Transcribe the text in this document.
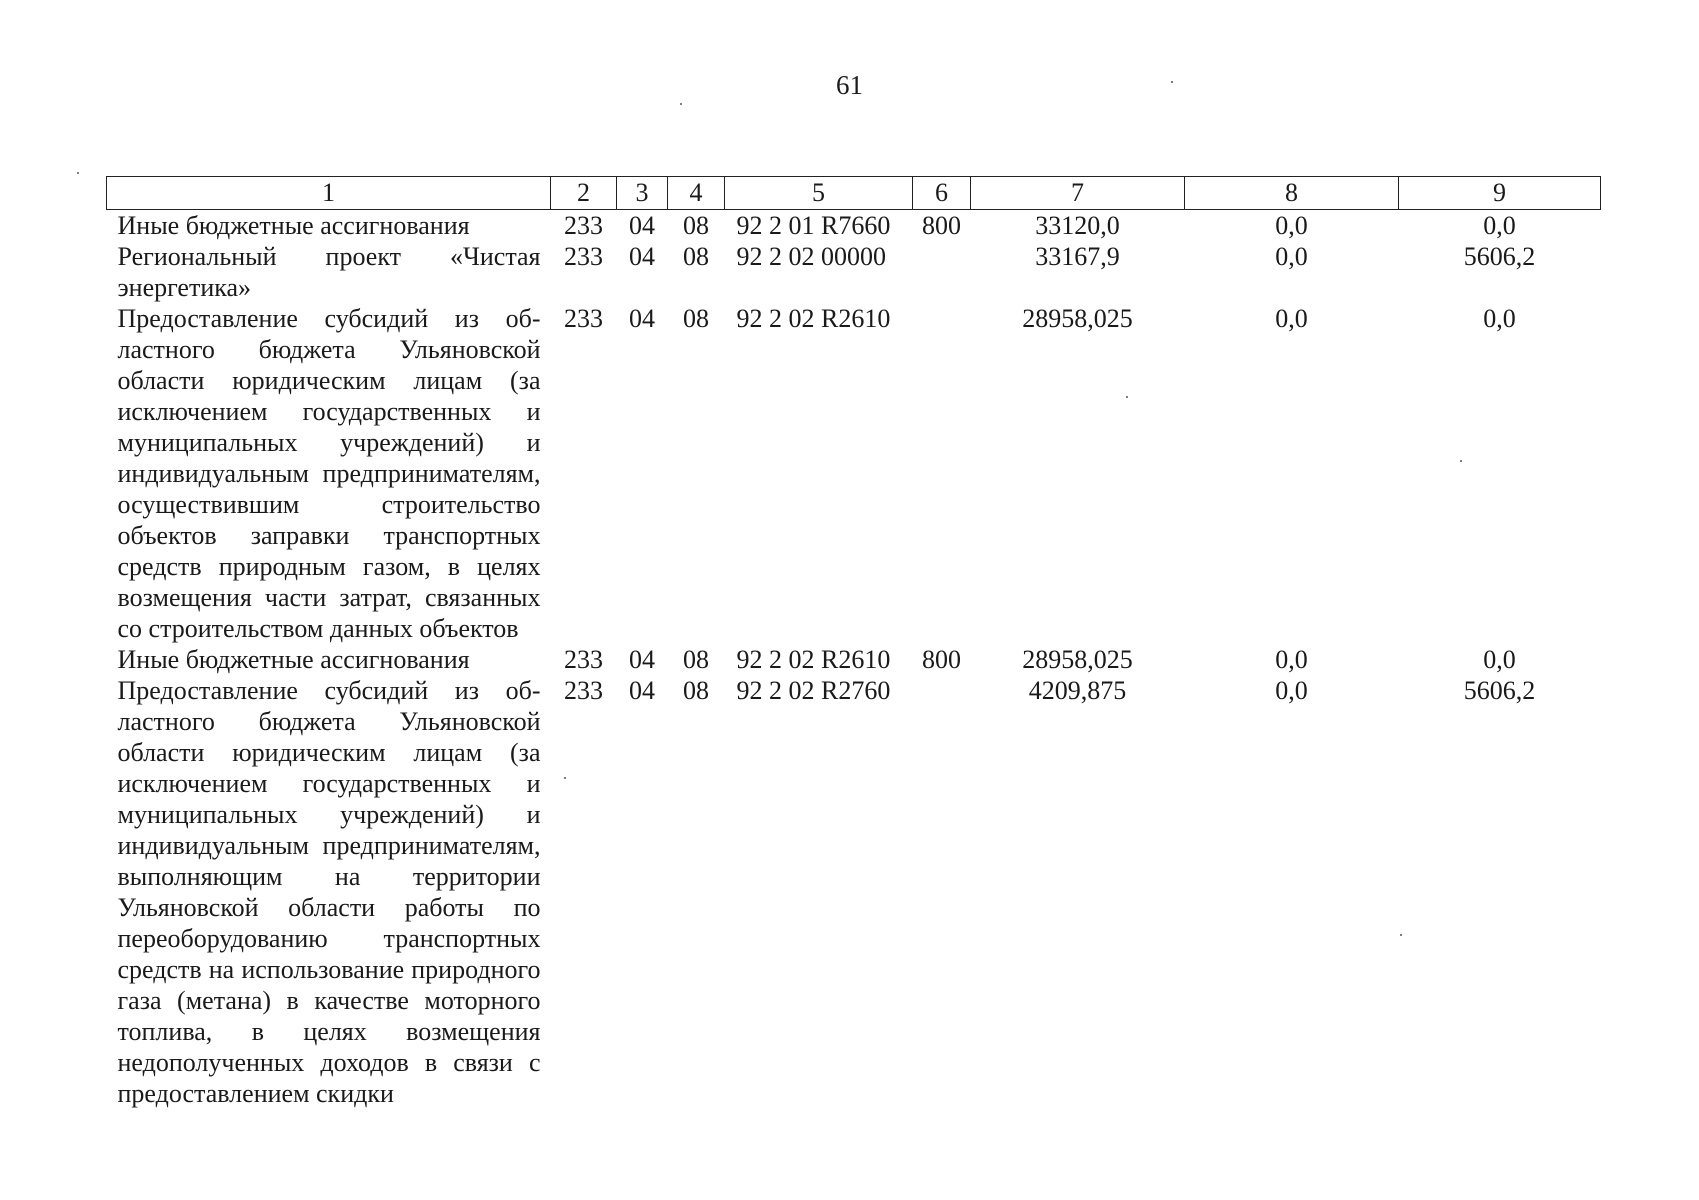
61
1	2	3	4	5	6	7	8	9
Иные бюджетные ассигнования	233	04	08	92 2 01 R7660	800	33120,0	0,0	0,0
Региональный проект «Чистая энергетика»	233	04	08	92 2 02 00000		33167,9	0,0	5606,2
Предоставление субсидий из областного бюджета Ульяновской области юридическим лицам (за исключением государственных и муниципальных учреждений) и индивидуальным предпринимателям, осуществившим строительство объектов заправки транспортных средств природным газом, в целях возмещения части затрат, связанных со строительством данных объектов	233	04	08	92 2 02 R2610		28958,025	0,0	0,0
Иные бюджетные ассигнования	233	04	08	92 2 02 R2610	800	28958,025	0,0	0,0
Предоставление субсидий из областного бюджета Ульяновской области юридическим лицам (за исключением государственных и муниципальных учреждений) и индивидуальным предпринимателям, выполняющим на территории Ульяновской области работы по переоборудованию транспортных средств на использование природного газа (метана) в качестве моторного топлива, в целях возмещения недополученных доходов в связи с предоставлением скидки	233	04	08	92 2 02 R2760		4209,875	0,0	5606,2
